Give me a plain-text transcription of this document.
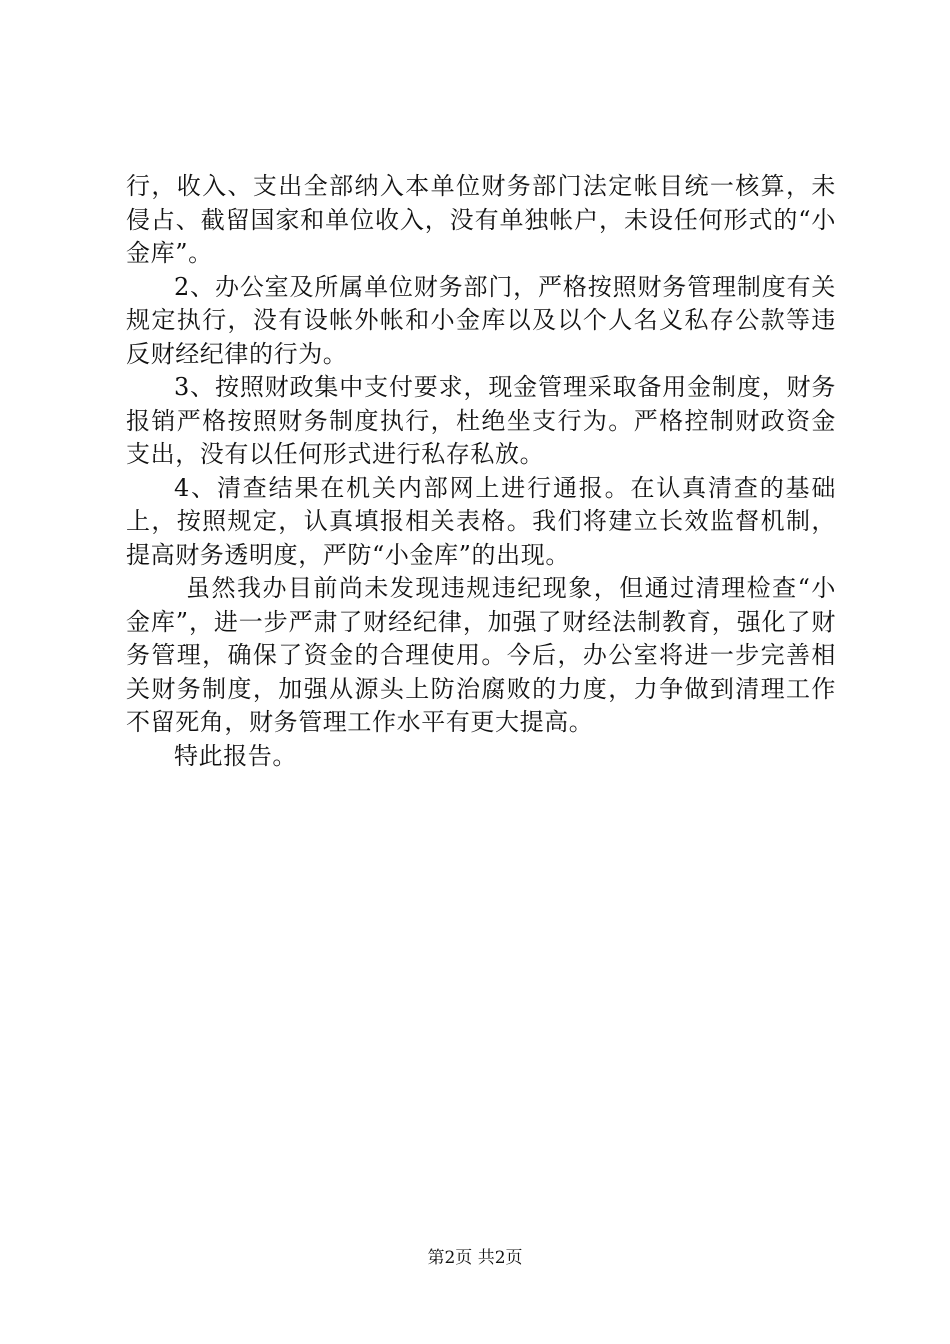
行，收入、支出全部纳入本单位财务部门法定帐目统一核算，未侵占、截留国家和单位收入，没有单独帐户，未设任何形式的“小金库”。

2、办公室及所属单位财务部门，严格按照财务管理制度有关规定执行，没有设帐外帐和小金库以及以个人名义私存公款等违反财经纪律的行为。

3、按照财政集中支付要求，现金管理采取备用金制度，财务报销严格按照财务制度执行，杜绝坐支行为。严格控制财政资金支出，没有以任何形式进行私存私放。

4、清查结果在机关内部网上进行通报。在认真清查的基础上，按照规定，认真填报相关表格。我们将建立长效监督机制，提高财务透明度，严防“小金库”的出现。

虽然我办目前尚未发现违规违纪现象，但通过清理检查“小金库”，进一步严肃了财经纪律，加强了财经法制教育，强化了财务管理，确保了资金的合理使用。今后，办公室将进一步完善相关财务制度，加强从源头上防治腐败的力度，力争做到清理工作不留死角，财务管理工作水平有更大提高。

特此报告。

第2页 共2页
